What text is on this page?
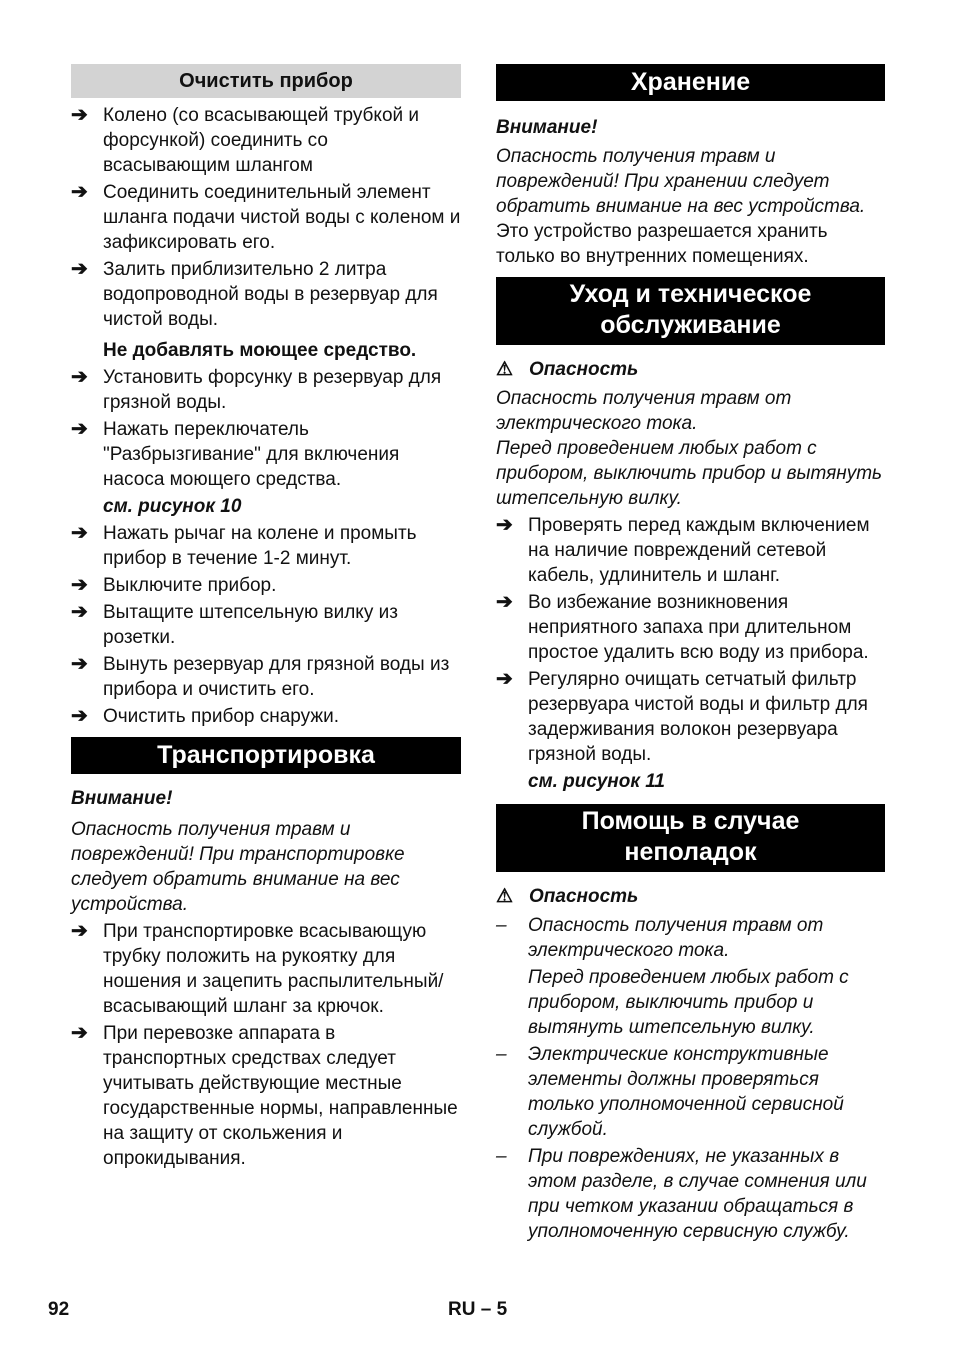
Очистить прибор
➔ Колено (со всасывающей трубкой и форсункой) соединить со всасывающим шлангом
➔ Соединить соединительный элемент шланга подачи чистой воды с коленом и зафиксировать его.
➔ Залить приблизительно 2 литра водопроводной воды в резервуар для чистой воды.
Не добавлять моющее средство.
➔ Установить форсунку в резервуар для грязной воды.
➔ Нажать переключатель "Разбрызгивание" для включения насоса моющего средства.
см. рисунок 10
➔ Нажать рычаг на колене и промыть прибор в течение 1-2 минут.
➔ Выключите прибор.
➔ Вытащите штепсельную вилку из розетки.
➔ Вынуть резервуар для грязной воды из прибора и очистить его.
➔ Очистить прибор снаружи.
Транспортировка
Внимание!
Опасность получения травм и повреждений! При транспортировке следует обратить внимание на вес устройства.
➔ При транспортировке всасывающую трубку положить на рукоятку для ношения и зацепить распылительный/всасывающий шланг за крючок.
➔ При перевозке аппарата в транспортных средствах следует учитывать действующие местные государственные нормы, направленные на защиту от скольжения и опрокидывания.
Хранение
Внимание!
Опасность получения травм и повреждений! При хранении следует обратить внимание на вес устройства.
Это устройство разрешается хранить только во внутренних помещениях.
Уход и техническое
обслуживание
⚠ Опасность
Опасность получения травм от электрического тока.
Перед проведением любых работ с прибором, выключить прибор и вытянуть штепсельную вилку.
➔ Проверять перед каждым включением на наличие повреждений сетевой кабель, удлинитель и шланг.
➔ Во избежание возникновения неприятного запаха при длительном простое удалить всю воду из прибора.
➔ Регулярно очищать сетчатый фильтр резервуара чистой воды и фильтр для задерживания волокон резервуара грязной воды.
см. рисунок 11
Помощь в случае
неполадок
⚠ Опасность
–	Опасность получения травм от электрического тока.
Перед проведением любых работ с прибором, выключить прибор и вытянуть штепсельную вилку.
–	Электрические конструктивные элементы должны проверяться только уполномоченной сервисной службой.
–	При повреждениях, не указанных в этом разделе, в случае сомнения или при четком указании обращаться в уполномоченную сервисную службу.
92	RU – 5
